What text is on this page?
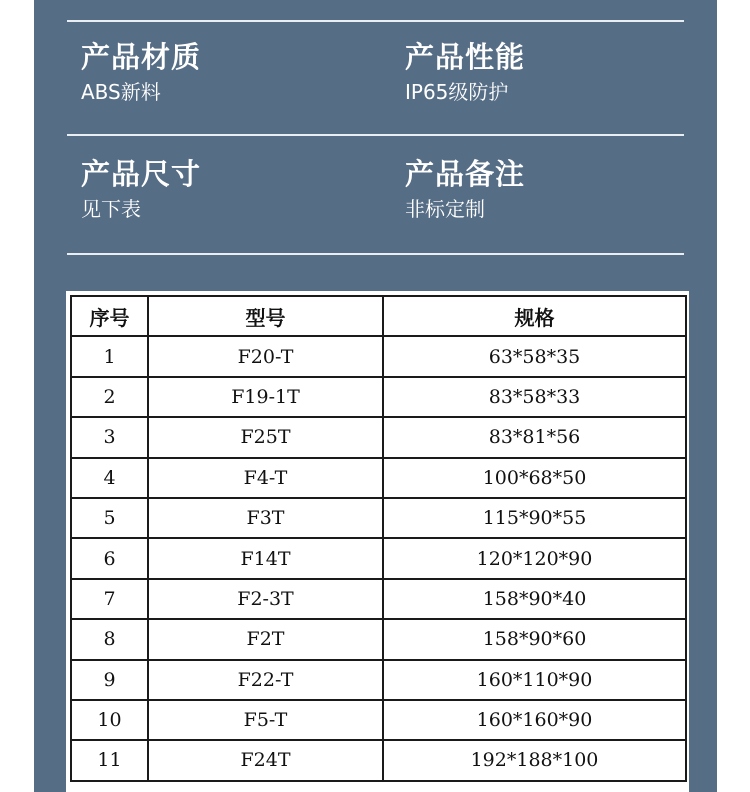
产品材质
ABS新料
产品性能
IP65级防护
产品尺寸
见下表
产品备注
非标定制
序号	型号	规格
1	F20-T	63*58*35
2	F19-1T	83*58*33
3	F25T	83*81*56
4	F4-T	100*68*50
5	F3T	115*90*55
6	F14T	120*120*90
7	F2-3T	158*90*40
8	F2T	158*90*60
9	F22-T	160*110*90
10	F5-T	160*160*90
11	F24T	192*188*100
